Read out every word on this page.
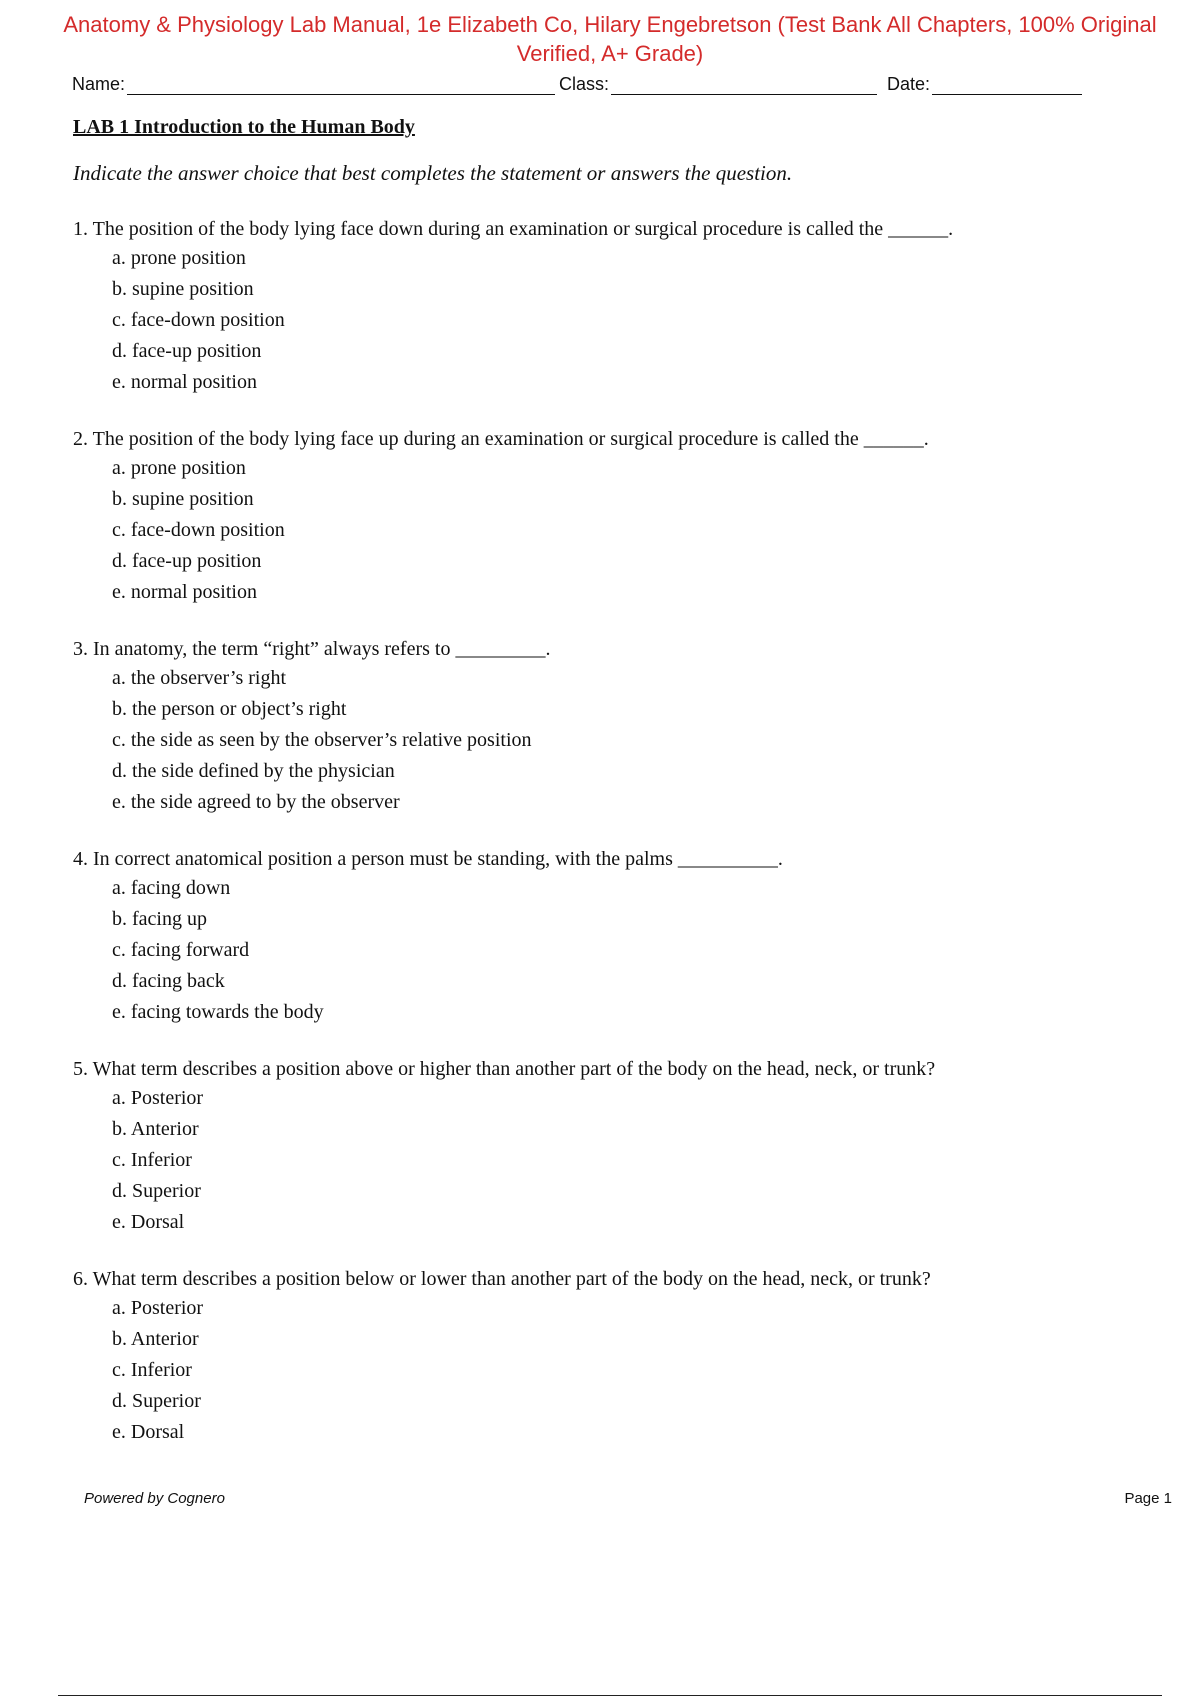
Anatomy & Physiology Lab Manual, 1e Elizabeth Co, Hilary Engebretson (Test Bank All Chapters, 100% Original Verified, A+ Grade)
Name:	Class:	Date:
LAB 1 Introduction to the Human Body
Indicate the answer choice that best completes the statement or answers the question.
1. The position of the body lying face down during an examination or surgical procedure is called the ______.
a. prone position
b. supine position
c. face-down position
d. face-up position
e. normal position
2. The position of the body lying face up during an examination or surgical procedure is called the ______.
a. prone position
b. supine position
c. face-down position
d. face-up position
e. normal position
3. In anatomy, the term “right” always refers to _________.
a. the observer’s right
b. the person or object’s right
c. the side as seen by the observer’s relative position
d. the side defined by the physician
e. the side agreed to by the observer
4. In correct anatomical position a person must be standing, with the palms __________.
a. facing down
b. facing up
c. facing forward
d. facing back
e. facing towards the body
5. What term describes a position above or higher than another part of the body on the head, neck, or trunk?
a. Posterior
b. Anterior
c. Inferior
d. Superior
e. Dorsal
6. What term describes a position below or lower than another part of the body on the head, neck, or trunk?
a. Posterior
b. Anterior
c. Inferior
d. Superior
e. Dorsal
Powered by Cognero	Page 1
